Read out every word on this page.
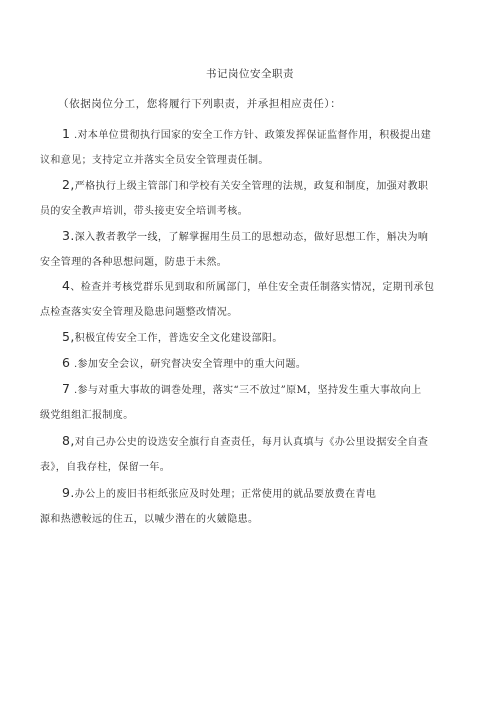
书记岗位安全职责
（依据岗位分工，您将履行下列职责，并承担相应责任）：
1 .对本单位贯彻执行国家的安全工作方针、政策发挥保证监督作用，积极提出建
议和意见；支持定立并落实全员安全管理责任制。
2,严格执行上级主管部门和学校有关安全管理的法规，政复和制度，加强对教职
员的安全教声培训，带头接吏安全培训考核。
3.深入教者教学一线，了解掌握用生员工的思想动态，做好思想工作，斛决为响
安全管理的各种思想问题，防患于未然。
4、检查并考核党群乐见到取和所属部门，单住安全责任制落实情况，定期刊承包
点检查落实安全管理及隐患问题整改情况。
5,积极宜传安全工作，普选安全文化建设部阳。
6 .参加安全会议，研究督决安全管理中的重大问题。
7 .参与对重大事故的调巻处理，落实“三不放过”原M，坚持发生重大事故向上
级党组组汇报制度。
8,对自己办公史的设迭安全旗行自查责任，每月认真填与《办公里设据安全自查
表》，自我存柱，保留一年。
9.办公上的废旧书柜纸张应及时处理；正常使用的就品要放费在青电
源和热懑較远的住五，以喊少潜在的火皴隐患。
